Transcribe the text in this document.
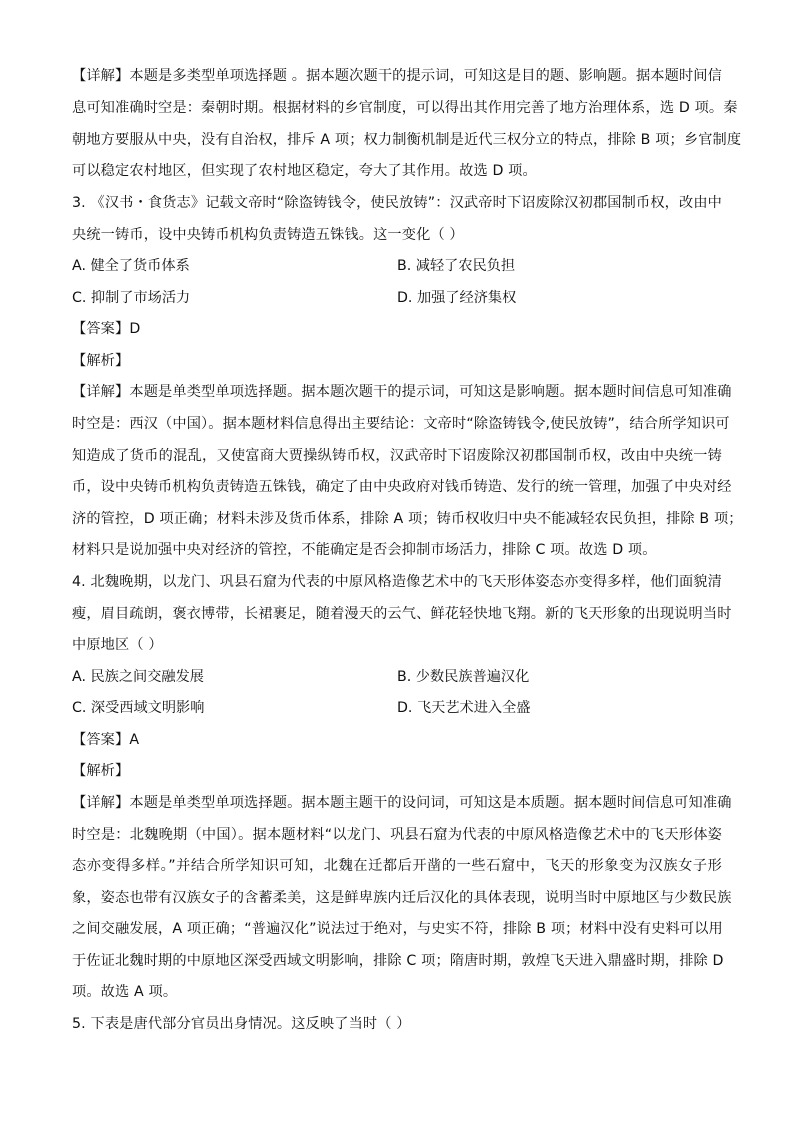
【详解】本题是多类型单项选择题 。据本题次题干的提示词，可知这是目的题、影响题。据本题时间信
息可知准确时空是：秦朝时期。根据材料的乡官制度，可以得出其作用完善了地方治理体系，选 D 项。秦
朝地方要服从中央，没有自治权，排斥 A 项；权力制衡机制是近代三权分立的特点，排除 B 项；乡官制度
可以稳定农村地区，但实现了农村地区稳定，夸大了其作用。故选 D 项。
3. 《汉书・食货志》记载文帝时“除盗铸钱令，使民放铸”：汉武帝时下诏废除汉初郡国制币权，改由中
央统一铸币，设中央铸币机构负责铸造五铢钱。这一变化（ ）
A. 健全了货币体系	B. 减轻了农民负担
C. 抑制了市场活力	D. 加强了经济集权
【答案】D
【解析】
【详解】本题是单类型单项选择题。据本题次题干的提示词，可知这是影响题。据本题时间信息可知准确
时空是：西汉（中国）。据本题材料信息得出主要结论：文帝时“除盗铸钱令,使民放铸”，结合所学知识可
知造成了货币的混乱，又使富商大贾操纵铸币权，汉武帝时下诏废除汉初郡国制币权，改由中央统一铸
币，设中央铸币机构负责铸造五铢钱，确定了由中央政府对钱币铸造、发行的统一管理，加强了中央对经
济的管控，D 项正确；材料未涉及货币体系，排除 A 项；铸币权收归中央不能减轻农民负担，排除 B 项；
材料只是说加强中央对经济的管控，不能确定是否会抑制市场活力，排除 C 项。故选 D 项。
4. 北魏晚期，以龙门、巩县石窟为代表的中原风格造像艺术中的飞天形体姿态亦变得多样，他们面貌清
瘦，眉目疏朗，褒衣博带，长裙裹足，随着漫天的云气、鲜花轻快地飞翔。新的飞天形象的出现说明当时
中原地区（ ）
A. 民族之间交融发展	B. 少数民族普遍汉化
C. 深受西域文明影响	D. 飞天艺术进入全盛
【答案】A
【解析】
【详解】本题是单类型单项选择题。据本题主题干的设问词，可知这是本质题。据本题时间信息可知准确
时空是：北魏晚期（中国）。据本题材料“以龙门、巩县石窟为代表的中原风格造像艺术中的飞天形体姿
态亦变得多样。”并结合所学知识可知，北魏在迁都后开凿的一些石窟中，飞天的形象变为汉族女子形
象，姿态也带有汉族女子的含蓄柔美，这是鲜卑族内迁后汉化的具体表现，说明当时中原地区与少数民族
之间交融发展，A 项正确；“普遍汉化”说法过于绝对，与史实不符，排除 B 项；材料中没有史料可以用
于佐证北魏时期的中原地区深受西域文明影响，排除 C 项；隋唐时期，敦煌飞天进入鼎盛时期，排除 D
项。故选 A 项。
5. 下表是唐代部分官员出身情况。这反映了当时（ ）
